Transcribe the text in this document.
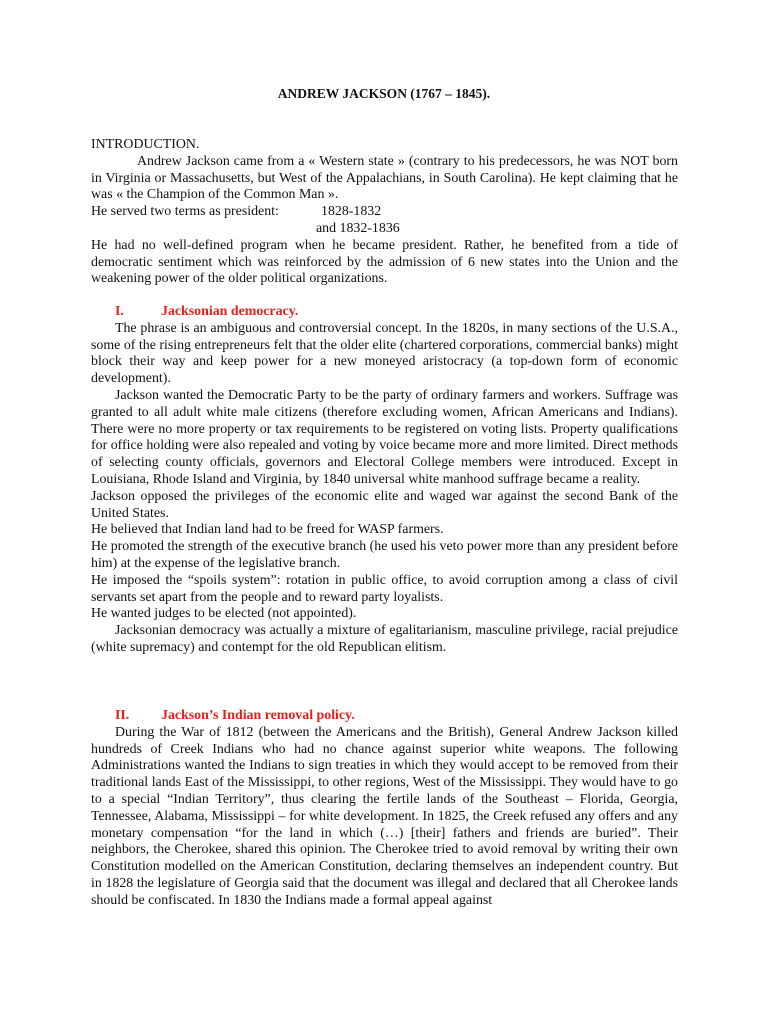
ANDREW JACKSON (1767 – 1845).

INTRODUCTION.

Andrew Jackson came from a « Western state » (contrary to his predecessors, he was NOT born in Virginia or Massachusetts, but West of the Appalachians, in South Carolina). He kept claiming that he was « the Champion of the Common Man ».

He served two terms as president:	1828-1832

and 1832-1836

He had no well-defined program when he became president. Rather, he benefited from a tide of democratic sentiment which was reinforced by the admission of 6 new states into the Union and the weakening power of the older political organizations.

I.	Jacksonian democracy.

The phrase is an ambiguous and controversial concept. In the 1820s, in many sections of the U.S.A., some of the rising entrepreneurs felt that the older elite (chartered corporations, commercial banks) might block their way and keep power for a new moneyed aristocracy (a top-down form of economic development).

Jackson wanted the Democratic Party to be the party of ordinary farmers and workers. Suffrage was granted to all adult white male citizens (therefore excluding women, African Americans and Indians). There were no more property or tax requirements to be registered on voting lists. Property qualifications for office holding were also repealed and voting by voice became more and more limited. Direct methods of selecting county officials, governors and Electoral College members were introduced. Except in Louisiana, Rhode Island and Virginia, by 1840 universal white manhood suffrage became a reality.

Jackson opposed the privileges of the economic elite and waged war against the second Bank of the United States.

He believed that Indian land had to be freed for WASP farmers.

He promoted the strength of the executive branch (he used his veto power more than any president before him) at the expense of the legislative branch.

He imposed the “spoils system”: rotation in public office, to avoid corruption among a class of civil servants set apart from the people and to reward party loyalists.

He wanted judges to be elected (not appointed).

Jacksonian democracy was actually a mixture of egalitarianism, masculine privilege, racial prejudice (white supremacy) and contempt for the old Republican elitism.

II. Jackson’s Indian removal policy.

During the War of 1812 (between the Americans and the British), General Andrew Jackson killed hundreds of Creek Indians who had no chance against superior white weapons. The following Administrations wanted the Indians to sign treaties in which they would accept to be removed from their traditional lands East of the Mississippi, to other regions, West of the Mississippi. They would have to go to a special “Indian Territory”, thus clearing the fertile lands of the Southeast – Florida, Georgia, Tennessee, Alabama, Mississippi – for white development. In 1825, the Creek refused any offers and any monetary compensation “for the land in which (…) [their] fathers and friends are buried”. Their neighbors, the Cherokee, shared this opinion. The Cherokee tried to avoid removal by writing their own Constitution modelled on the American Constitution, declaring themselves an independent country. But in 1828 the legislature of Georgia said that the document was illegal and declared that all Cherokee lands should be confiscated. In 1830 the Indians made a formal appeal against
